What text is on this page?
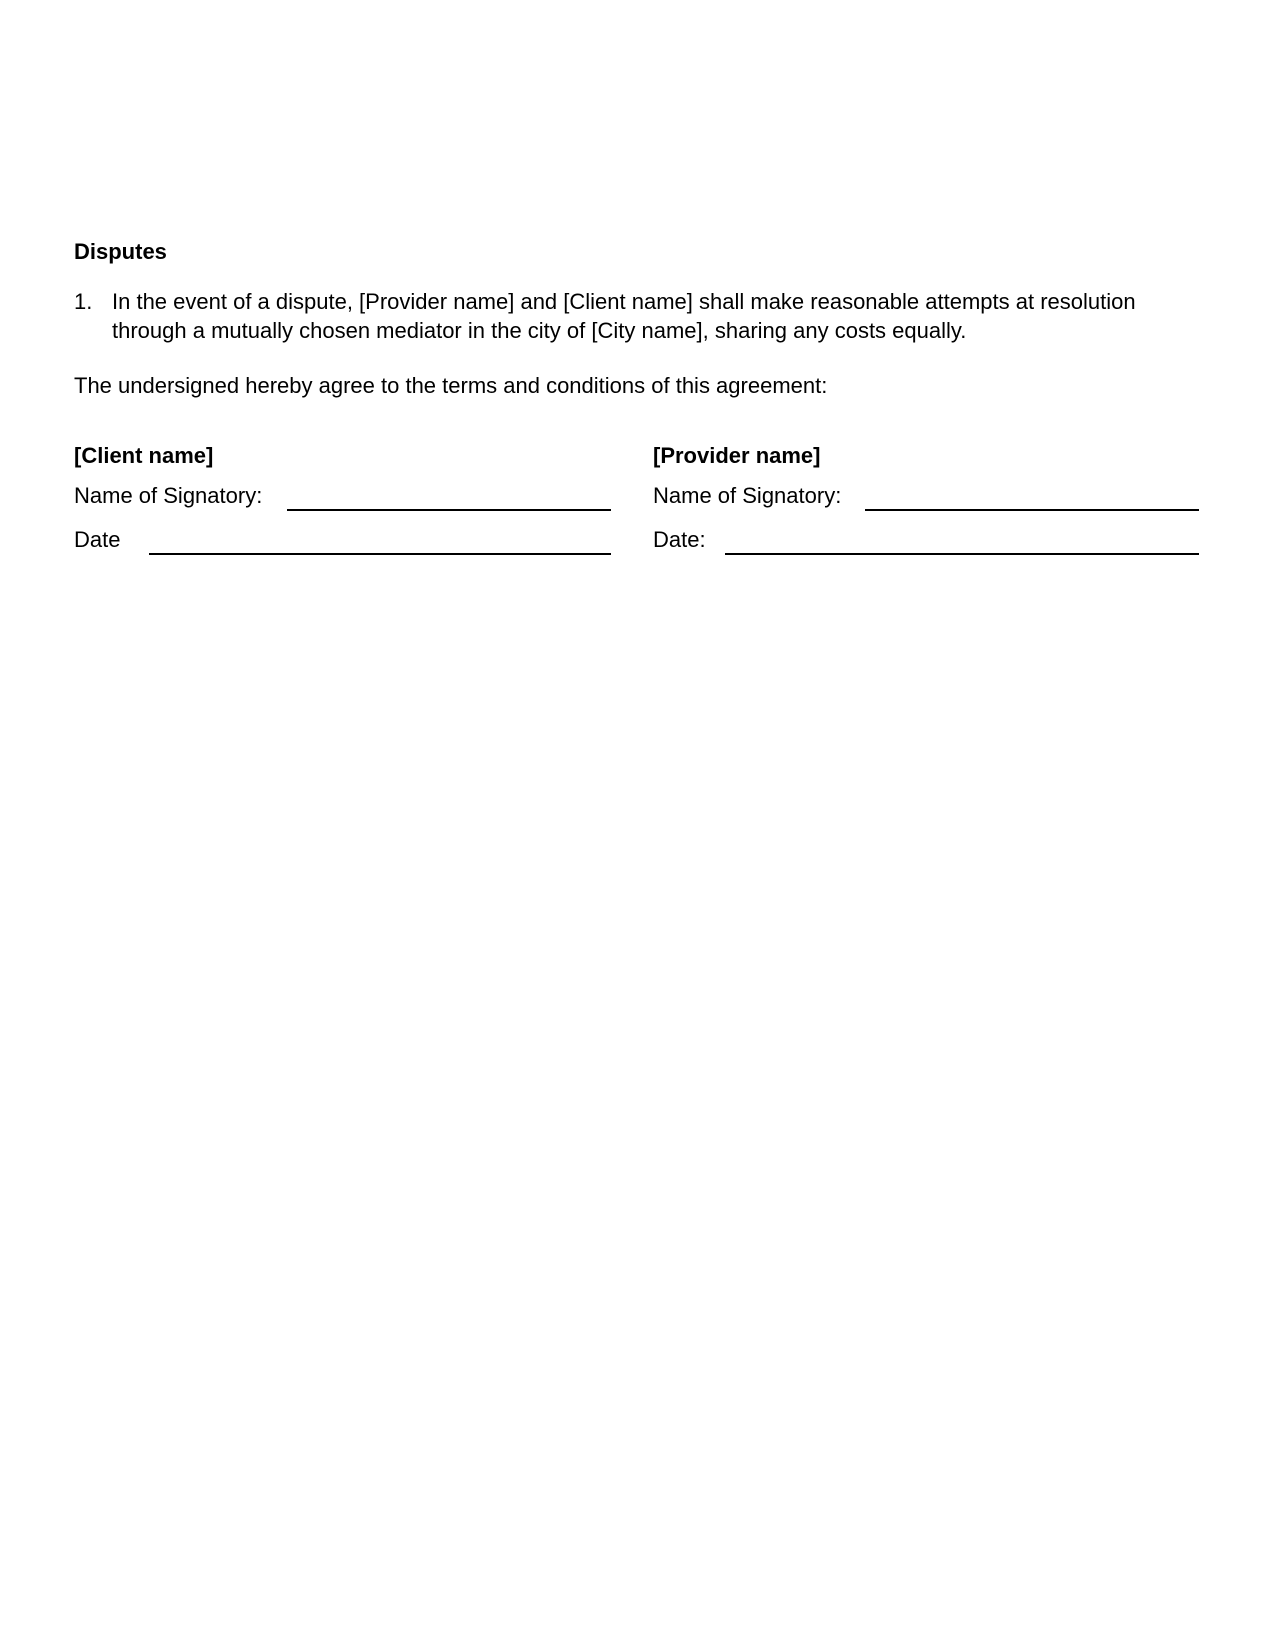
Disputes
1. In the event of a dispute, [Provider name] and [Client name] shall make reasonable attempts at resolution through a mutually chosen mediator in the city of [City name], sharing any costs equally.
The undersigned hereby agree to the terms and conditions of this agreement:
[Client name]
Name of Signatory:
Date
[Provider name]
Name of Signatory:
Date:
